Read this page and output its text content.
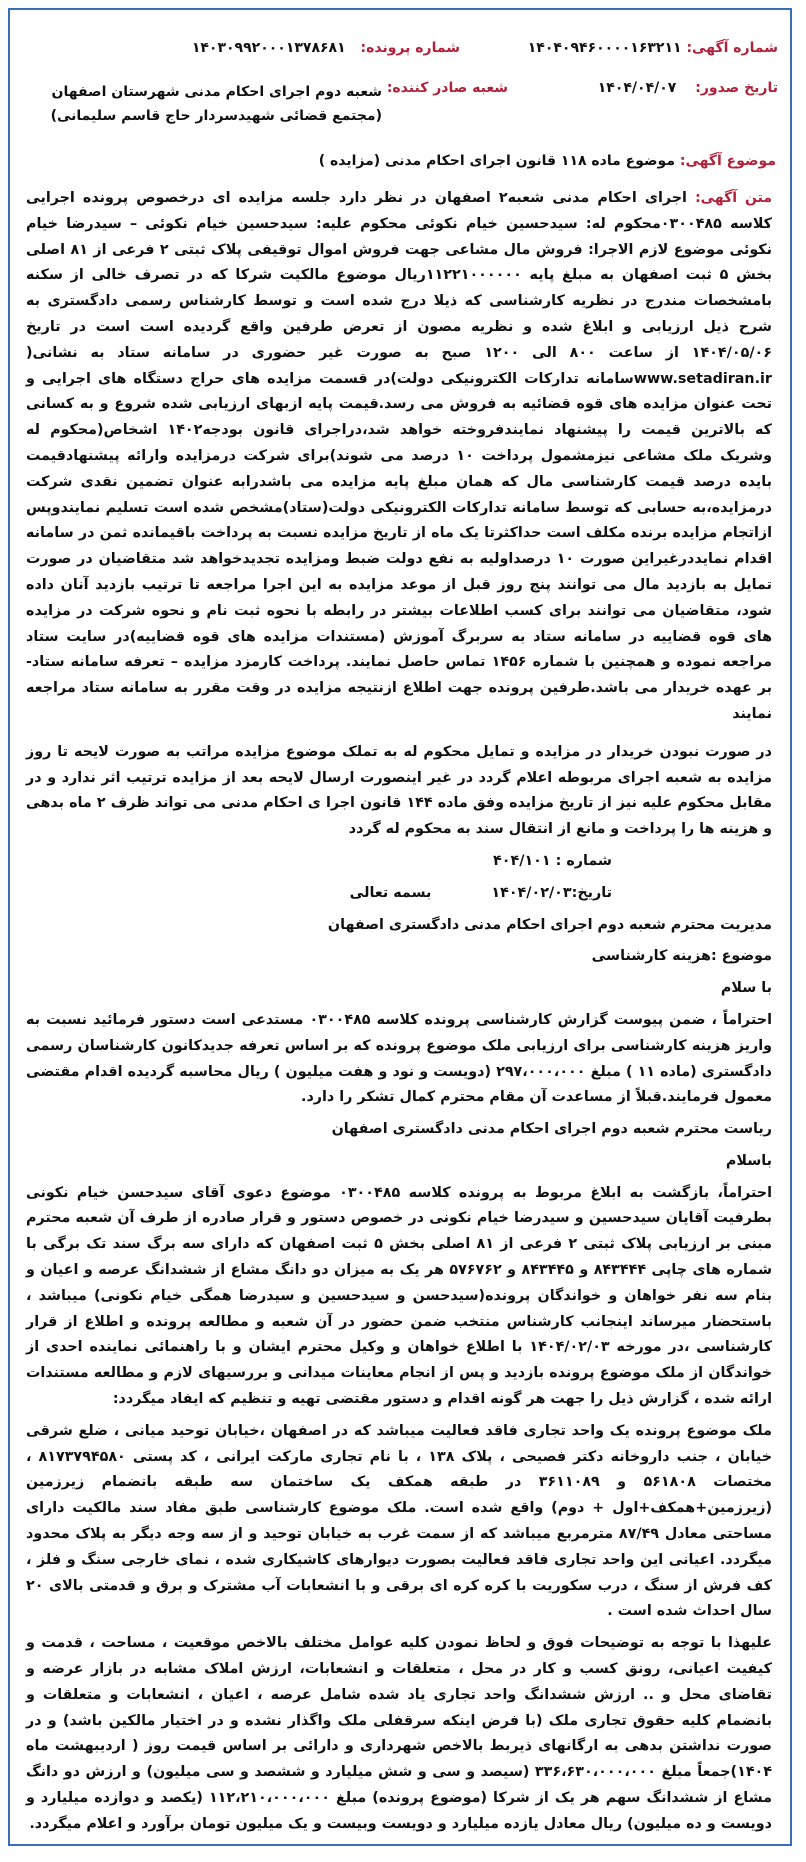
شماره آگهی: ۱۴۰۴۰۹۴۶۰۰۰۰۱۶۳۲۱۱
شماره پرونده: ۱۴۰۳۰۹۹۲۰۰۰۱۳۷۸۶۸۱
تاریخ صدور: ۱۴۰۴/۰۴/۰۷
شعبه صادر کننده:
شعبه دوم اجرای احکام مدنی شهرستان اصفهان (مجتمع قضائی شهیدسردار حاج قاسم سلیمانی)
موضوع آگهی: موضوع ماده ۱۱۸ قانون اجرای احکام مدنی (مزایده )

متن آگهی: اجرای احکام مدنی شعبه۲ اصفهان در نظر دارد جلسه مزایده ای درخصوص پرونده اجرایی کلاسه ۰۳۰۰۴۸۵محکوم له: سیدحسین خیام نکوئی محکوم علیه: سیدحسین خیام نکوئی – سیدرضا خیام نکوئی موضوع لازم الاجرا: فروش مال مشاعی جهت فروش اموال توقیفی پلاک ثبتی ۲ فرعی از ۸۱ اصلی بخش ۵ ثبت اصفهان به مبلغ پایه ۱۱۲۲۱۰۰۰۰۰۰ریال موضوع مالکیت شرکا که در تصرف خالی از سکنه بامشخصات مندرج در نظریه کارشناسی که ذیلا درج شده است و توسط کارشناس رسمی دادگستری به شرح ذیل ارزیابی و ابلاغ شده و نظریه مصون از تعرض طرفین واقع گردیده است است در تاریخ ۱۴۰۴/۰۵/۰۶ از ساعت ۸۰۰ الی ۱۲۰۰ صبح به صورت غیر حضوری در سامانه ستاد به نشانی( www.setadiran.irسامانه تدارکات الکترونیکی دولت)در قسمت مزایده های حراج دستگاه های اجرایی و تحت عنوان مزایده های قوه قضائیه به فروش می رسد.قیمت پایه ازبهای ارزیابی شده شروع و به کسانی که بالاترین قیمت را پیشنهاد نمایندفروخته خواهد شد،دراجرای قانون بودجه۱۴۰۲ اشخاص(محکوم له وشریک ملک مشاعی نیزمشمول پرداخت ۱۰ درصد می شوند)برای شرکت درمزایده وارائه پیشنهادقیمت بایده درصد قیمت کارشناسی مال که همان مبلغ پایه مزایده می باشدرابه عنوان تضمین نقدی شرکت درمزایده،به حسابی که توسط سامانه تدارکات الکترونیکی دولت(ستاد)مشخص شده است تسلیم نمایندوپس ازاتجام مزایده برنده مکلف است حداکثرتا یک ماه از تاریخ مزایده نسبت به پرداخت باقیمانده ثمن در سامانه اقدام نمایددرغیراین صورت ۱۰ درصداولیه به نفع دولت ضبط ومزایده تجدیدخواهد شد متقاضیان در صورت تمایل به بازدید مال می توانند پنج روز قبل از موعد مزایده به این اجرا مراجعه تا ترتیب بازدید آنان داده شود، متقاضیان می توانند برای کسب اطلاعات بیشتر در رابطه با نحوه ثبت نام و نحوه شرکت در مزایده های قوه قضاییه در سامانه ستاد به سربرگ آموزش (مستندات مزایده های قوه قضاییه)در سایت ستاد مراجعه نموده و همچنین با شماره ۱۴۵۶ تماس حاصل نمایند. پرداخت کارمزد مزایده – تعرفه سامانه ستاد- بر عهده خریدار می باشد.طرفین پرونده جهت اطلاع ازنتیجه مزایده در وقت مقرر به سامانه ستاد مراجعه نمایند

در صورت نبودن خریدار در مزایده و تمایل محکوم له به تملک موضوع مزایده مراتب به صورت لایحه تا روز مزایده به شعبه اجرای مربوطه اعلام گردد در غیر اینصورت ارسال لایحه بعد از مزایده ترتیب اثر ندارد و در مقابل محکوم علیه نیز از تاریخ مزایده وفق ماده ۱۴۴ قانون اجرا ی احکام مدنی می تواند ظرف ۲ ماه بدهی و هزینه ها را پرداخت و مانع از انتقال سند به محکوم له گردد

شماره : ۴۰۴/۱۰۱

تاریخ:۱۴۰۴/۰۲/۰۳  بسمه تعالی

مدیریت محترم شعبه دوم اجرای احکام مدنی دادگستری اصفهان

موضوع :هزینه کارشناسی

با سلام

احتراماً ، ضمن پیوست گزارش کارشناسی پرونده کلاسه ۰۳۰۰۴۸۵ مستدعی است دستور فرمائید نسبت به واریز هزینه کارشناسی برای ارزیابی ملک موضوع پرونده که بر اساس تعرفه جدیدکانون کارشناسان رسمی دادگستری (ماده ۱۱ ) مبلغ ۲۹۷،۰۰۰،۰۰۰ (دویست و نود و هفت میلیون ) ریال محاسبه گردیده اقدام مقتضی معمول فرمایند.قبلاً از مساعدت آن مقام محترم کمال تشکر را دارد.

ریاست محترم شعبه دوم اجرای احکام مدنی دادگستری اصفهان

باسلام

احتراماً، بازگشت به ابلاغ مربوط به پرونده کلاسه ۰۳۰۰۴۸۵ موضوع دعوی آقای سیدحسن خیام نکونی بطرفیت آقایان سیدحسین و سیدرضا خیام نکونی در خصوص دستور و قرار صادره از طرف آن شعبه محترم مبنی بر ارزیابی پلاک ثبتی ۲ فرعی از ۸۱ اصلی بخش ۵ ثبت اصفهان که دارای سه برگ سند تک برگی با شماره های چاپی ۸۴۳۴۴۴ و ۸۴۳۴۴۵ و ۵۷۶۷۶۲ هر یک به میزان دو دانگ مشاع از ششدانگ عرصه و اعیان و بنام سه نفر خواهان و خواندگان پرونده(سیدحسن و سیدحسین و سیدرضا همگی خیام نکونی) میباشد ، باستحضار میرساند اینجانب کارشناس منتخب ضمن حضور در آن شعبه و مطالعه پرونده و اطلاع از قرار کارشناسی ،در مورخه ۱۴۰۴/۰۲/۰۳ با اطلاع خواهان و وکیل محترم ایشان و با راهنمائی نماینده احدی از خواندگان از ملک موضوع پرونده بازدید و پس از انجام معاینات میدانی و بررسیهای لازم و مطالعه مستندات ارائه شده ، گزارش ذیل را جهت هر گونه اقدام و دستور مقتضی تهیه و تنظیم که ایفاد میگردد:

ملک موضوع پرونده یک واحد تجاری فاقد فعالیت میباشد که در اصفهان ،خیابان توحید میانی ، ضلع شرقی خیابان ، جنب داروخانه دکتر فصیحی ، پلاک ۱۳۸ ، با نام تجاری مارکت ایرانی ، کد پستی ۸۱۷۳۷۹۴۵۸۰ ، مختصات ۵۶۱۸۰۸ و ۳۶۱۱۰۸۹ در طبقه همکف یک ساختمان سه طبقه بانضمام زیرزمین (زیرزمین+همکف+اول + دوم) واقع شده است. ملک موضوع کارشناسی طبق مفاد سند مالکیت دارای مساحتی معادل ۸۷/۴۹ مترمربع میباشد که از سمت غرب به خیابان توحید و از سه وجه دیگر به پلاک محدود میگردد. اعیانی این واحد تجاری فاقد فعالیت بصورت دیوارهای کاشیکاری شده ، نمای خارجی سنگ و فلز ، کف فرش از سنگ ، درب سکوریت با کره کره ای برقی و با انشعابات آب مشترک و برق و قدمتی بالای ۲۰ سال احداث شده است .

علیهذا با توجه به توضیحات فوق و لحاظ نمودن کلیه عوامل مختلف بالاخص موقعیت ، مساحت ، قدمت و کیفیت اعیانی، رونق کسب و کار در محل ، متعلقات و انشعابات، ارزش املاک مشابه در بازار عرضه و تقاضای محل و .. ارزش ششدانگ واحد تجاری یاد شده شامل عرصه ، اعیان ، انشعابات و متعلقات و بانضمام کلیه حقوق تجاری ملک (با فرض اینکه سرقفلی ملک واگذار نشده و در اختیار مالکین باشد) و در صورت نداشتن بدهی به ارگانهای ذیربط بالاخص شهرداری و دارائی بر اساس قیمت روز ( اردیبهشت ماه ۱۴۰۴)جمعاً مبلغ ۳۳۶،۶۳۰،۰۰۰،۰۰۰ (سیصد و سی و شش میلیارد و ششصد و سی میلیون) و ارزش دو دانگ مشاع از ششدانگ سهم هر یک از شرکا (موضوع پرونده) مبلغ ۱۱۲،۲۱۰،۰۰۰،۰۰۰ (یکصد و دوازده میلیارد و دویست و ده میلیون) ریال معادل یازده میلیارد و دویست وبیست و یک میلیون تومان برآورد و اعلام میگردد.
